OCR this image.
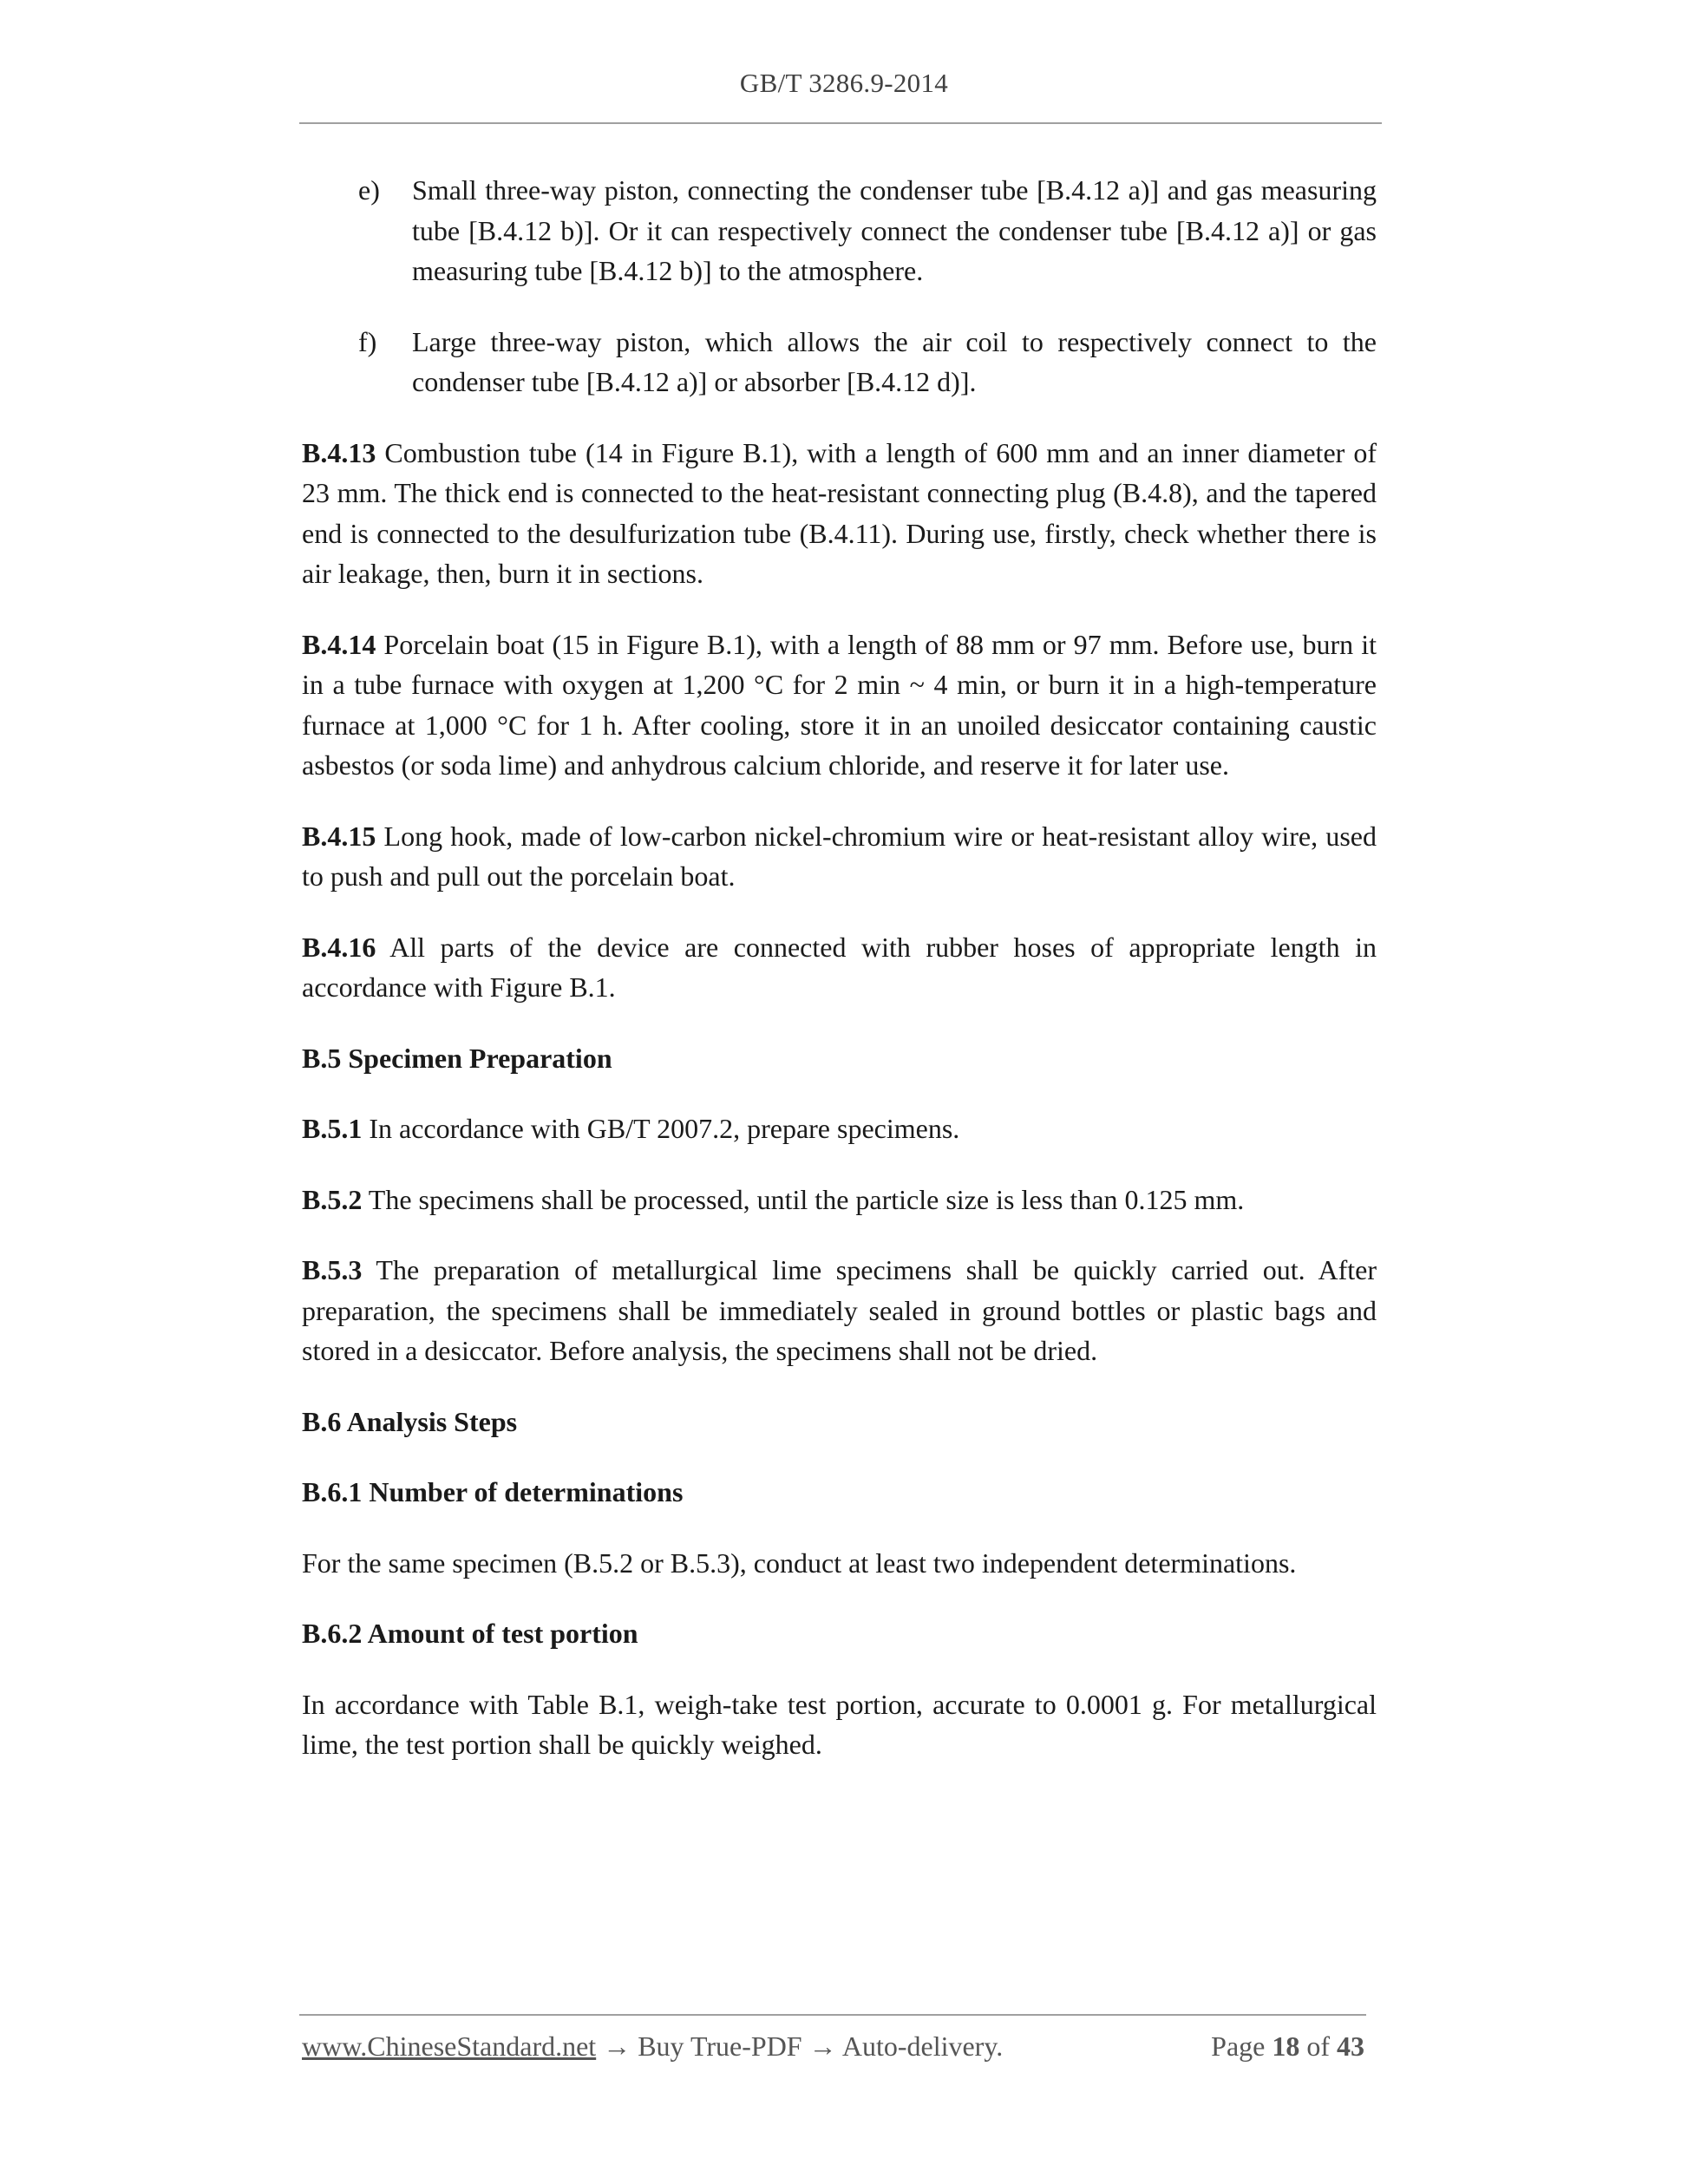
GB/T 3286.9-2014
e) Small three-way piston, connecting the condenser tube [B.4.12 a)] and gas measuring tube [B.4.12 b)]. Or it can respectively connect the condenser tube [B.4.12 a)] or gas measuring tube [B.4.12 b)] to the atmosphere.
f) Large three-way piston, which allows the air coil to respectively connect to the condenser tube [B.4.12 a)] or absorber [B.4.12 d)].

B.4.13 Combustion tube (14 in Figure B.1), with a length of 600 mm and an inner diameter of 23 mm. The thick end is connected to the heat-resistant connecting plug (B.4.8), and the tapered end is connected to the desulfurization tube (B.4.11). During use, firstly, check whether there is air leakage, then, burn it in sections.

B.4.14 Porcelain boat (15 in Figure B.1), with a length of 88 mm or 97 mm. Before use, burn it in a tube furnace with oxygen at 1,200 °C for 2 min ~ 4 min, or burn it in a high-temperature furnace at 1,000 °C for 1 h. After cooling, store it in an unoiled desiccator containing caustic asbestos (or soda lime) and anhydrous calcium chloride, and reserve it for later use.

B.4.15 Long hook, made of low-carbon nickel-chromium wire or heat-resistant alloy wire, used to push and pull out the porcelain boat.

B.4.16 All parts of the device are connected with rubber hoses of appropriate length in accordance with Figure B.1.

B.5 Specimen Preparation

B.5.1 In accordance with GB/T 2007.2, prepare specimens.

B.5.2 The specimens shall be processed, until the particle size is less than 0.125 mm.

B.5.3 The preparation of metallurgical lime specimens shall be quickly carried out. After preparation, the specimens shall be immediately sealed in ground bottles or plastic bags and stored in a desiccator. Before analysis, the specimens shall not be dried.

B.6 Analysis Steps

B.6.1 Number of determinations

For the same specimen (B.5.2 or B.5.3), conduct at least two independent determinations.

B.6.2 Amount of test portion

In accordance with Table B.1, weigh-take test portion, accurate to 0.0001 g. For metallurgical lime, the test portion shall be quickly weighed.

www.ChineseStandard.net → Buy True-PDF → Auto-delivery.	Page 18 of 43
